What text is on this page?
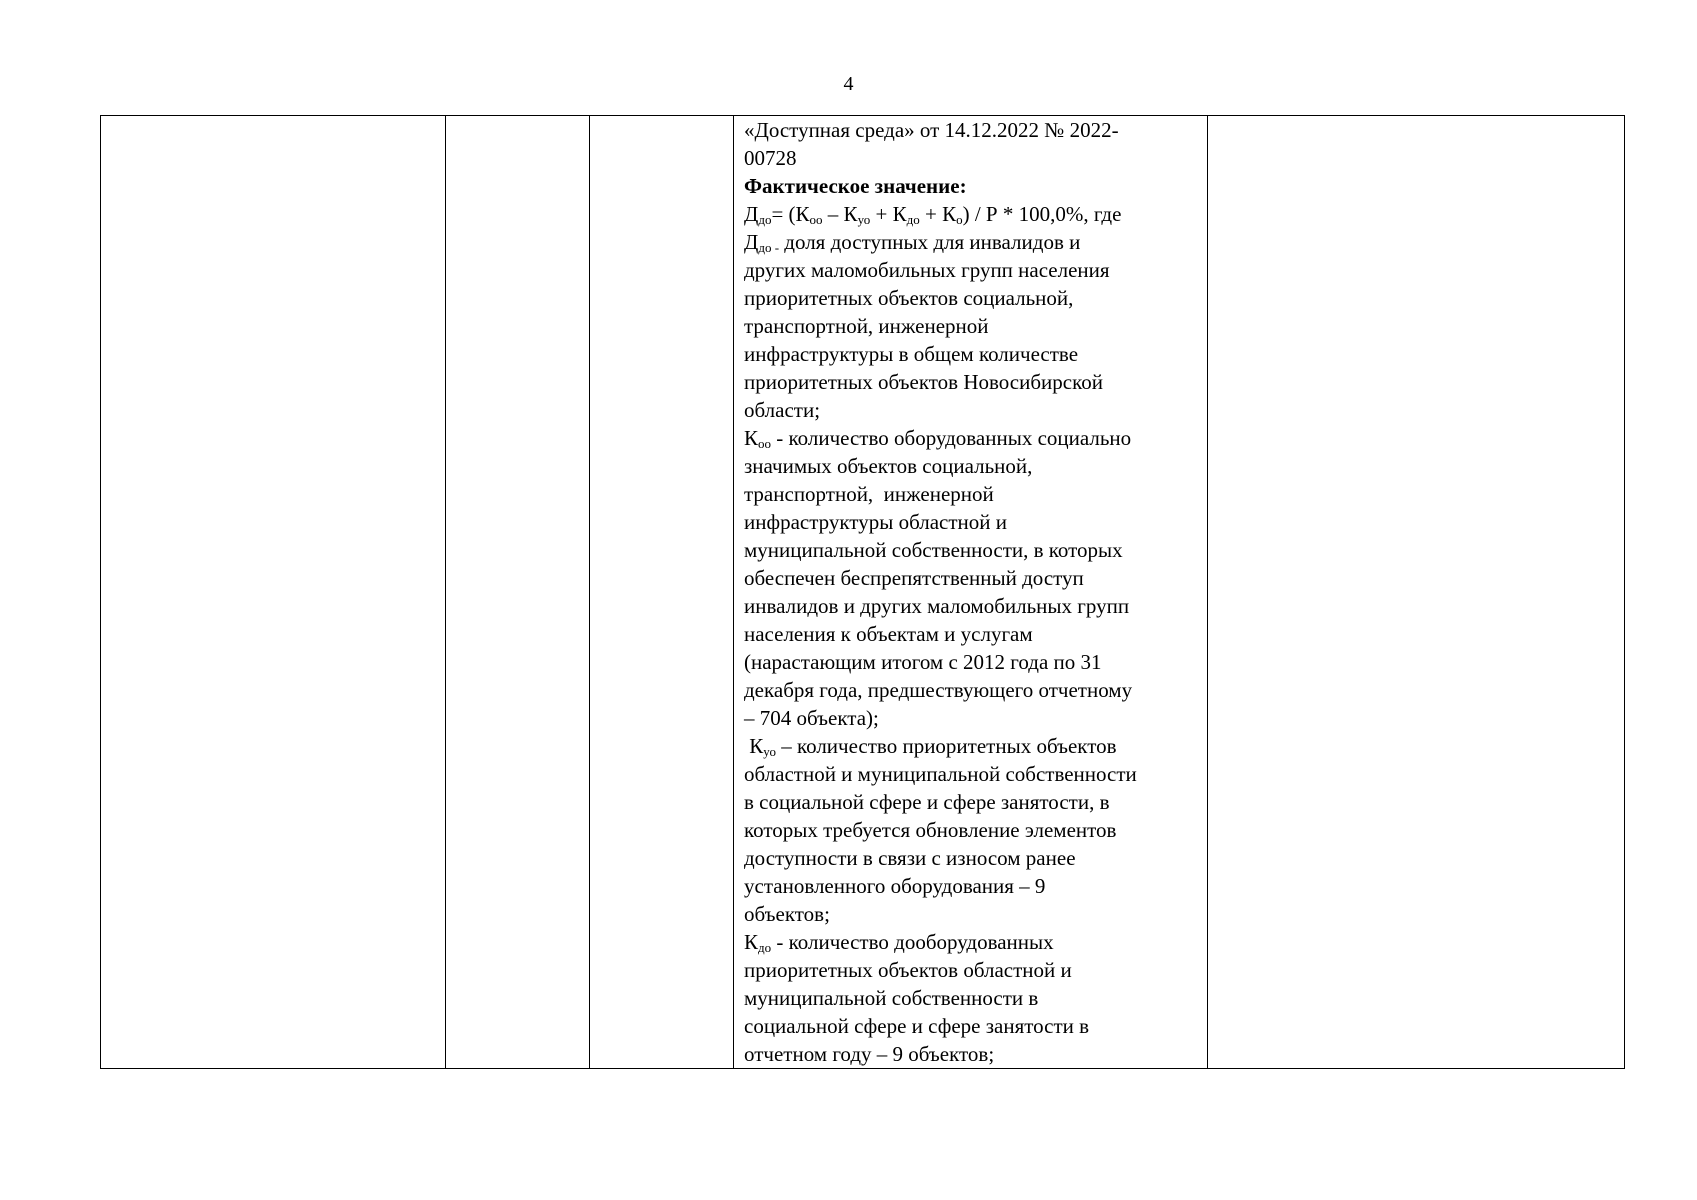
4

«Доступная среда» от 14.12.2022 № 2022-
00728
Фактическое значение:
$Д_{до}= (К_{оо} - К_{уо} + К_{до} + К_о) / Р * 100,0\%$, где
$Д_{до -}$ доля доступных для инвалидов и
других маломобильных групп населения
приоритетных объектов социальной,
транспортной, инженерной
инфраструктуры в общем количестве
приоритетных объектов Новосибирской
области;
$К_{оо}$ - количество оборудованных социально
значимых объектов социальной,
транспортной,  инженерной
инфраструктуры областной и
муниципальной собственности, в которых
обеспечен беспрепятственный доступ
инвалидов и других маломобильных групп
населения к объектам и услугам
(нарастающим итогом с 2012 года по 31
декабря года, предшествующего отчетному
– 704 объекта);
$К_{уо}$ – количество приоритетных объектов
областной и муниципальной собственности
в социальной сфере и сфере занятости, в
которых требуется обновление элементов
доступности в связи с износом ранее
установленного оборудования – 9
объектов;
$К_{до}$ - количество дооборудованных
приоритетных объектов областной и
муниципальной собственности в
социальной сфере и сфере занятости в
отчетном году – 9 объектов;
